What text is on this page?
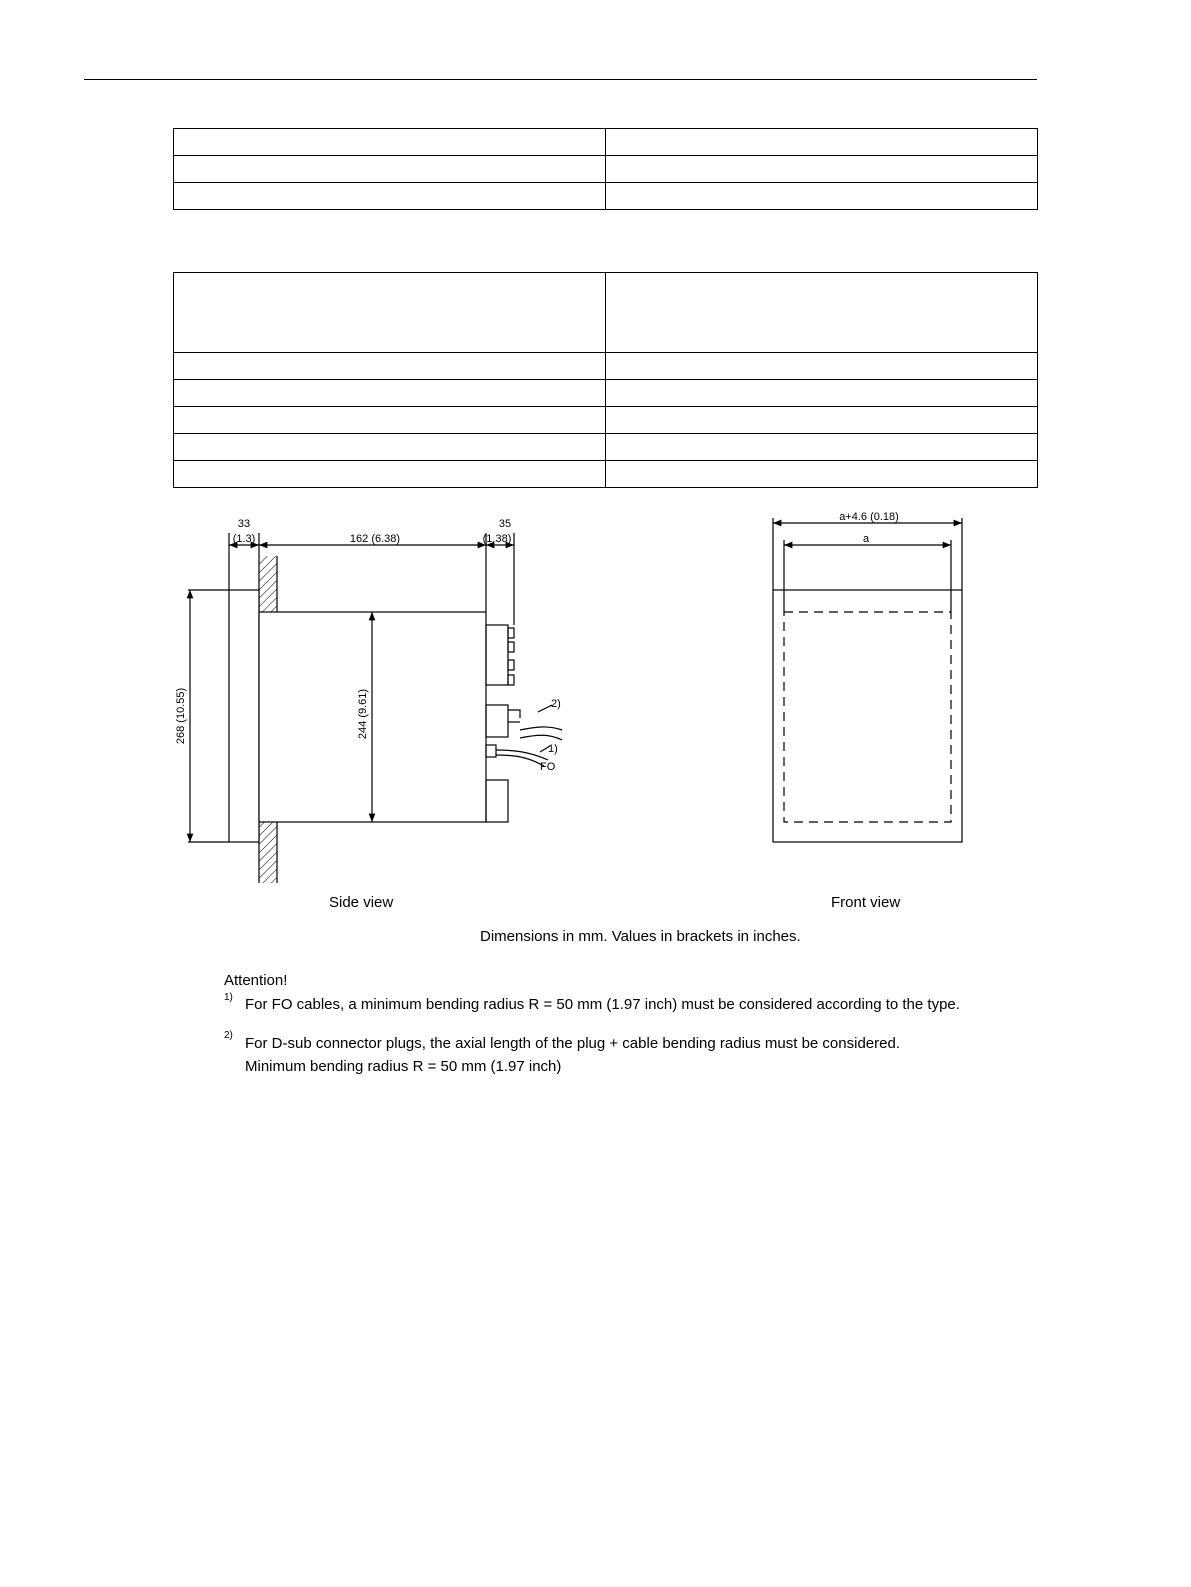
33
(1.3)	162 (6.38)
35
(1.38)
268 (10.55)	244 (9.61)	2)
1)
FO
a+4.6 (0.18)
a
Side view	Front view
Dimensions in mm. Values in brackets in inches.
Attention!
1) For FO cables, a minimum bending radius R = 50 mm (1.97 inch) must be considered according to the type.
2) For D-sub connector plugs, the axial length of the plug + cable bending radius must be considered.
Minimum bending radius R = 50 mm (1.97 inch)
